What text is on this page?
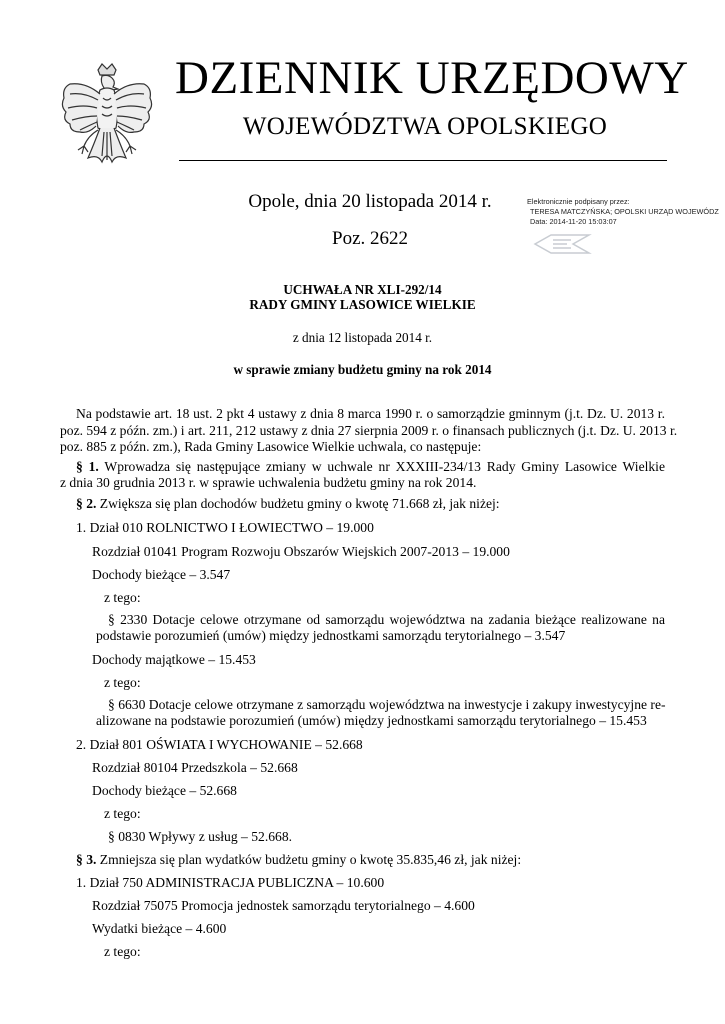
DZIENNIK URZĘDOWY
WOJEWÓDZTWA OPOLSKIEGO
Opole, dnia 20 listopada 2014 r.
Poz. 2622
Elektronicznie podpisany przez:
TERESA MATCZYŃSKA; OPOLSKI URZĄD WOJEWÓDZ
Data: 2014-11-20 15:03:07
UCHWAŁA NR XLI-292/14
RADY GMINY LASOWICE WIELKIE
z dnia 12 listopada 2014 r.
w sprawie zmiany budżetu gminy na rok 2014
Na podstawie art. 18 ust. 2 pkt 4 ustawy z dnia 8 marca 1990 r. o samorządzie gminnym (j.t. Dz. U. 2013 r.
poz. 594 z późn. zm.) i art. 211, 212 ustawy z dnia 27 sierpnia 2009 r. o finansach publicznych (j.t. Dz. U. 2013 r.
poz. 885 z późn. zm.), Rada Gminy Lasowice Wielkie uchwala, co następuje:
§ 1. Wprowadza się następujące zmiany w uchwale nr XXXIII-234/13 Rady Gminy Lasowice Wielkie
z dnia 30 grudnia 2013 r. w sprawie uchwalenia budżetu gminy na rok 2014.
§ 2. Zwiększa się plan dochodów budżetu gminy o kwotę 71.668 zł, jak niżej:
1. Dział 010 ROLNICTWO I ŁOWIECTWO – 19.000
Rozdział 01041 Program Rozwoju Obszarów Wiejskich 2007-2013 – 19.000
Dochody bieżące – 3.547
z tego:
§ 2330 Dotacje celowe otrzymane od samorządu województwa na zadania bieżące realizowane na
podstawie porozumień (umów) między jednostkami samorządu terytorialnego – 3.547
Dochody majątkowe – 15.453
z tego:
§ 6630 Dotacje celowe otrzymane z samorządu województwa na inwestycje i zakupy inwestycyjne re-
alizowane na podstawie porozumień (umów) między jednostkami samorządu terytorialnego – 15.453
2. Dział 801 OŚWIATA I WYCHOWANIE – 52.668
Rozdział 80104 Przedszkola – 52.668
Dochody bieżące – 52.668
z tego:
§ 0830 Wpływy z usług – 52.668.
§ 3. Zmniejsza się plan wydatków budżetu gminy o kwotę 35.835,46 zł, jak niżej:
1. Dział 750 ADMINISTRACJA PUBLICZNA – 10.600
Rozdział 75075 Promocja jednostek samorządu terytorialnego – 4.600
Wydatki bieżące – 4.600
z tego:
